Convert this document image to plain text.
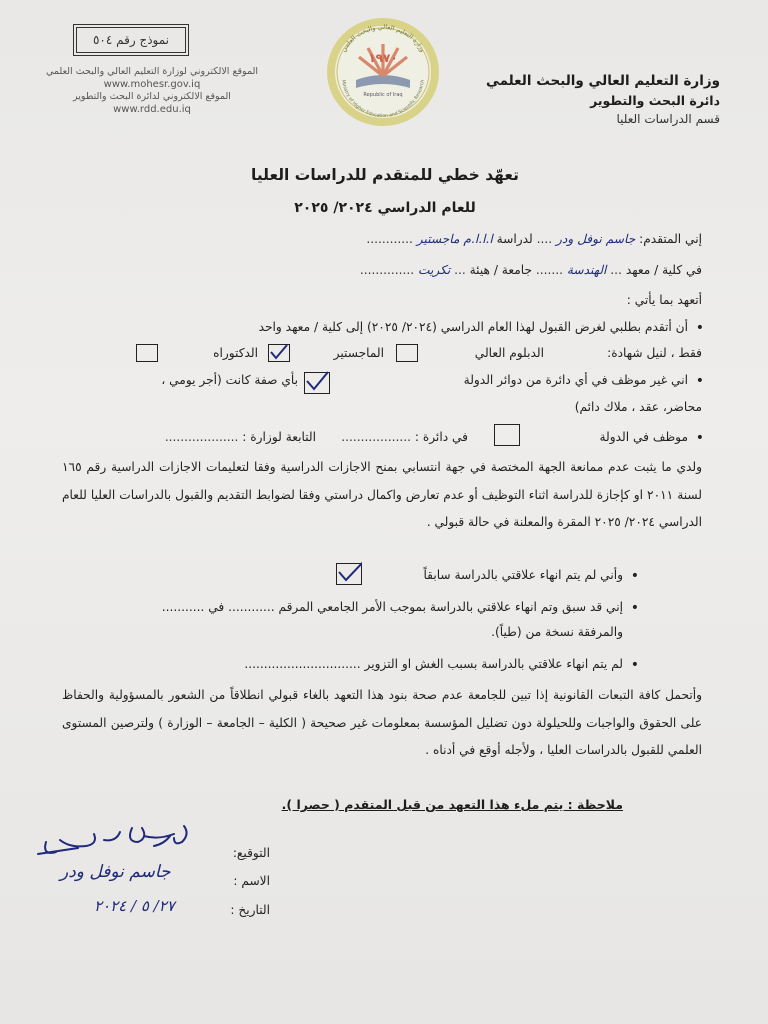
نموذج رقم ٥٠٤
الموقع الالكتروني لوزارة التعليم العالي والبحث العلمي
www.mohesr.gov.iq
الموقع الالكتروني لدائرة البحث والتطوير
www.rdd.edu.iq
وزارة التعليم العالي والبحث العلمي
Ministry of Higher Education and Scientific Research
١٩٧٠
Republic of Iraq
وزارة التعليم العالي والبحث العلمي
دائرة البحث والتطوير
قسم الدراسات العليا
تعهّد خطي للمتقدم للدراسات العليا
للعام الدراسي ٢٠٢٤/ ٢٠٢٥
إني المتقدم: جاسم نوفل ودر .... لدراسة ا.ا.ا.م ماجستير ............
في كلية / معهد ... الهندسة ....... جامعة / هيئة ... تكريت ..............
أتعهد بما يأتي :
• أن أتقدم بطلبي لغرض القبول لهذا العام الدراسي (٢٠٢٤/ ٢٠٢٥) إلى كلية / معهد واحد
فقط ، لنيل شهادة:
الدبلوم العالي
الماجستير
الدكتوراه
• اني غير موظف في أي دائرة من دوائر الدولة
بأي صفة كانت (أجر يومي ،
محاضر، عقد ، ملاك دائم)
• موظف في الدولة
في دائرة : ..................
التابعة لوزارة : ...................
ولدي ما يثبت عدم ممانعة الجهة المختصة في جهة انتسابي بمنح الاجازات الدراسية وفقا لتعليمات الاجازات الدراسية رقم ١٦٥ لسنة ٢٠١١ او كإجازة للدراسة اثناء التوظيف أو عدم تعارض واكمال دراستي وفقا لضوابط التقديم والقبول بالدراسات العليا للعام الدراسي ٢٠٢٤/ ٢٠٢٥ المقرة والمعلنة في حالة قبولي .
• وأني لم يتم انهاء علاقتي بالدراسة سابقاً
• إني قد سبق وتم انهاء علاقتي بالدراسة بموجب الأمر الجامعي المرقم ............ في ...........
والمرفقة نسخة من (طياً).
• لم يتم انهاء علاقتي بالدراسة بسبب الغش او التزوير ..............................
وأتحمل كافة التبعات القانونية إذا تبين للجامعة عدم صحة بنود هذا التعهد بالغاء قبولي انطلاقاً من الشعور بالمسؤولية والحفاظ على الحقوق والواجبات وللحيلولة دون تضليل المؤسسة بمعلومات غير صحيحة ( الكلية – الجامعة – الوزارة ) ولترصين المستوى العلمي للقبول بالدراسات العليا ، ولأجله أوقع في أدناه .
ملاحظة : يتم ملء هذا التعهد من قبل المتقدم ( حصرا ).
التوقيع:
الاسم :
جاسم نوفل ودر
التاريخ :
٢٧/ ٥ / ٢٠٢٤
